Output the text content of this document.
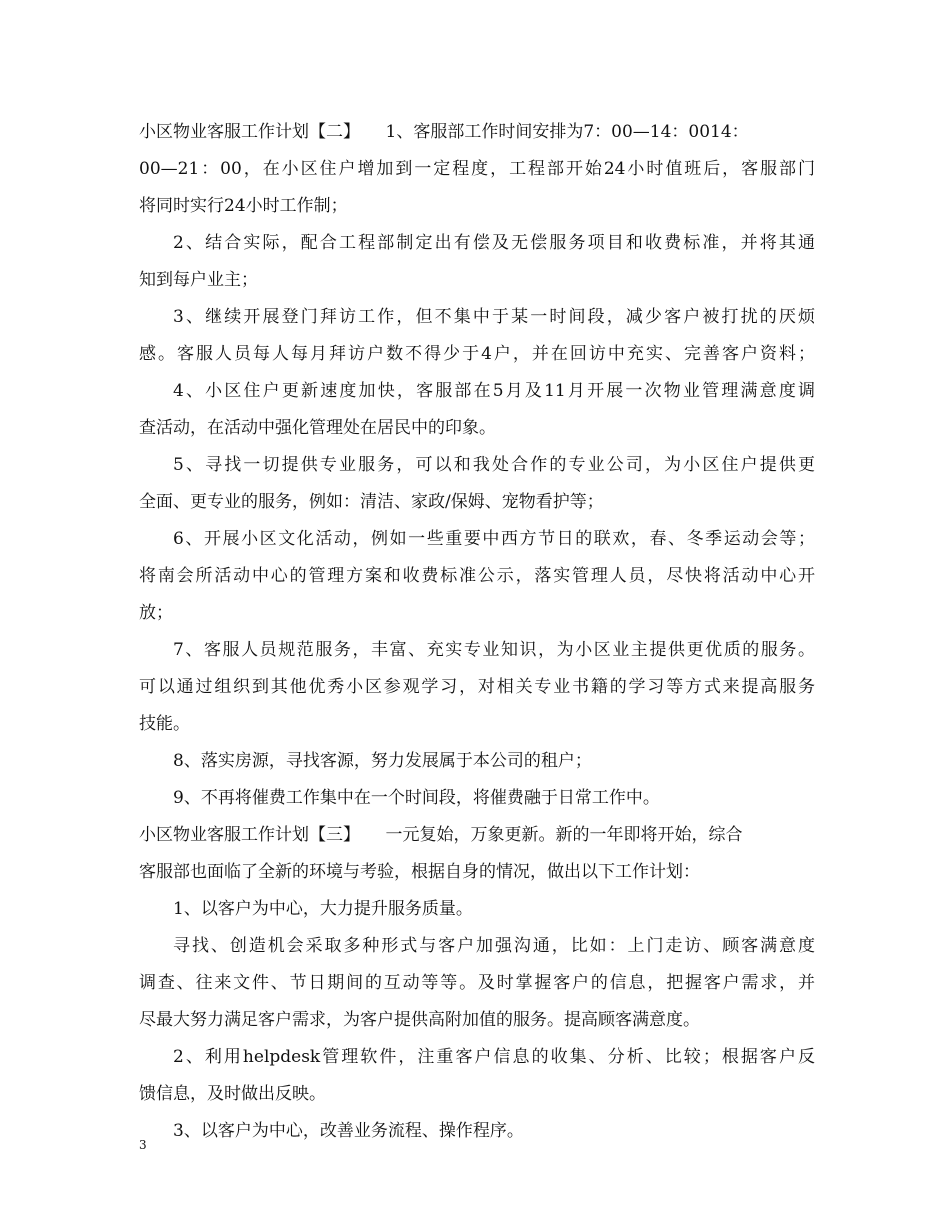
小区物业客服工作计划【二】　　1、客服部工作时间安排为7：00—14：0014：
00—21：00，在小区住户增加到一定程度，工程部开始24小时值班后，客服部门
将同时实行24小时工作制；
2、结合实际，配合工程部制定出有偿及无偿服务项目和收费标准，并将其通
知到每户业主；
3、继续开展登门拜访工作，但不集中于某一时间段，减少客户被打扰的厌烦
感。客服人员每人每月拜访户数不得少于4户，并在回访中充实、完善客户资料；
4、小区住户更新速度加快，客服部在5月及11月开展一次物业管理满意度调
查活动，在活动中强化管理处在居民中的印象。
5、寻找一切提供专业服务，可以和我处合作的专业公司，为小区住户提供更
全面、更专业的服务，例如：清洁、家政/保姆、宠物看护等；
6、开展小区文化活动，例如一些重要中西方节日的联欢，春、冬季运动会等；
将南会所活动中心的管理方案和收费标准公示，落实管理人员，尽快将活动中心开
放；
7、客服人员规范服务，丰富、充实专业知识，为小区业主提供更优质的服务。
可以通过组织到其他优秀小区参观学习，对相关专业书籍的学习等方式来提高服务
技能。
8、落实房源，寻找客源，努力发展属于本公司的租户；
9、不再将催费工作集中在一个时间段，将催费融于日常工作中。
小区物业客服工作计划【三】　　一元复始，万象更新。新的一年即将开始，综合
客服部也面临了全新的环境与考验，根据自身的情况，做出以下工作计划：
1、以客户为中心，大力提升服务质量。
寻找、创造机会采取多种形式与客户加强沟通，比如：上门走访、顾客满意度
调查、往来文件、节日期间的互动等等。及时掌握客户的信息，把握客户需求，并
尽最大努力满足客户需求，为客户提供高附加值的服务。提高顾客满意度。
2、利用helpdesk管理软件，注重客户信息的收集、分析、比较；根据客户反
馈信息，及时做出反映。
3、以客户为中心，改善业务流程、操作程序。
3
